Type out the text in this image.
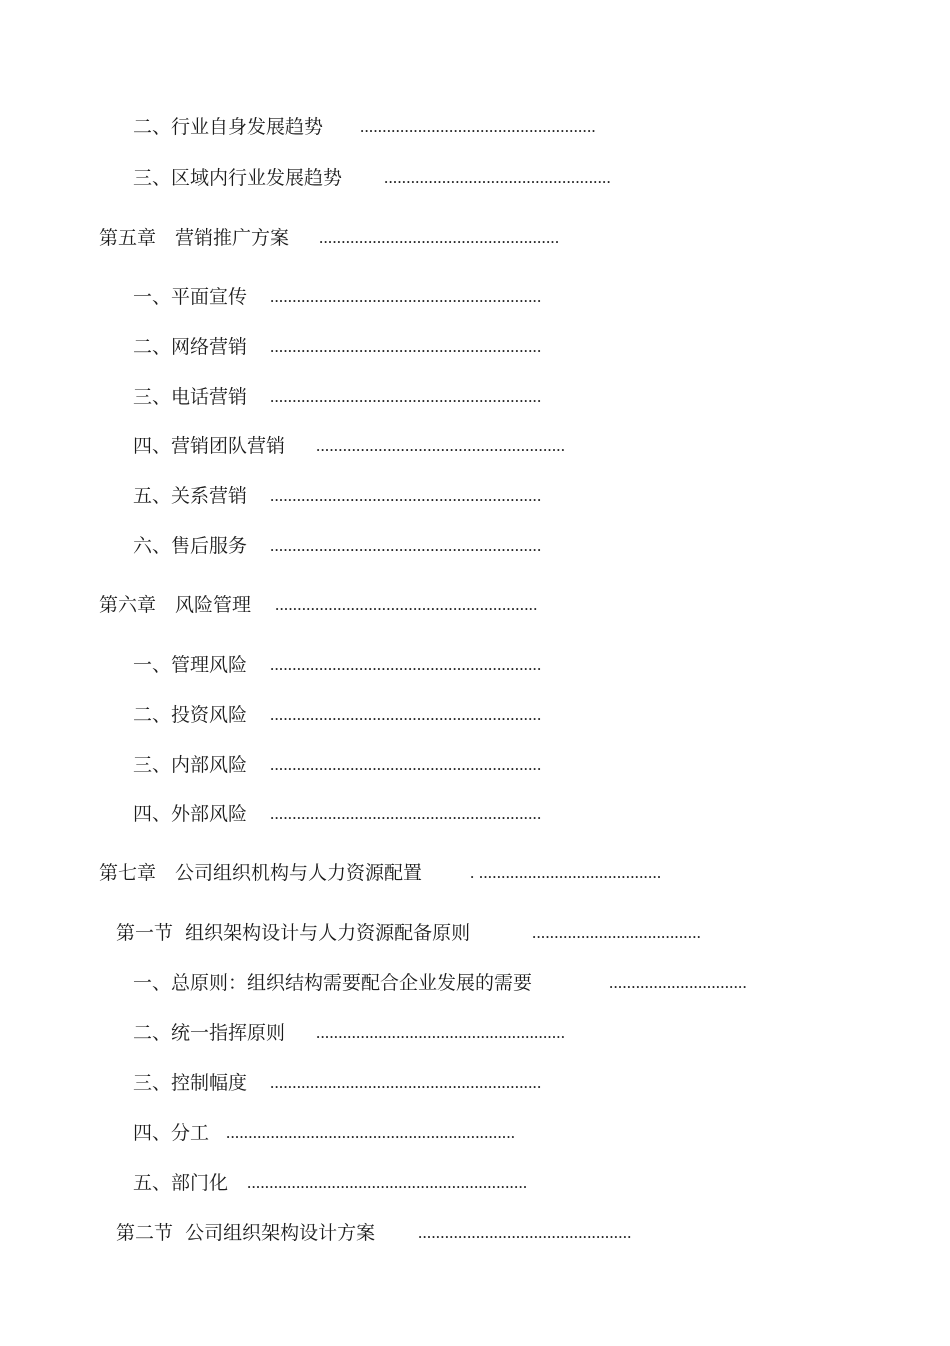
二、行业自身发展趋势 .....................................................
三、区域内行业发展趋势 ...................................................
第五章　营销推广方案 ......................................................
一、平面宣传 .............................................................
二、网络营销 .............................................................
三、电话营销 .............................................................
四、营销团队营销 ........................................................
五、关系营销 .............................................................
六、售后服务 .............................................................
第六章　风险管理 ...........................................................
一、管理风险 .............................................................
二、投资风险 .............................................................
三、内部风险 .............................................................
四、外部风险 .............................................................
第七章　公司组织机构与人力资源配置	. .........................................
第一节  组织架构设计与人力资源配备原则	......................................
一、总原则：组织结构需要配合企业发展的需要	...............................
二、统一指挥原则 ........................................................
三、控制幅度 .............................................................
四、分工 .................................................................
五、部门化 ...............................................................
第二节  公司组织架构设计方案	................................................
